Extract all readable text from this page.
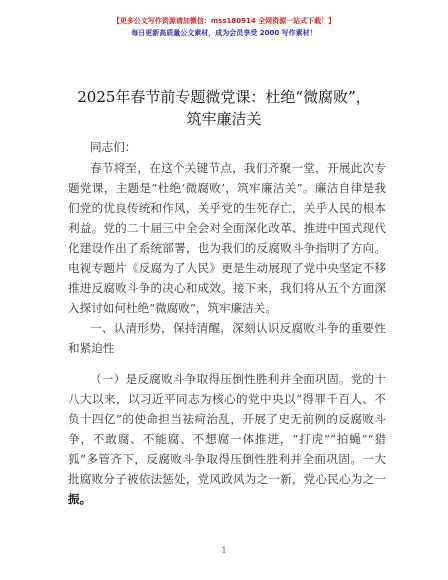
【更多公文写作资源请加微信：mss180914 全网资源一站式下载！】
每日更新高质量公文素材，成为会员享受 2000 写作素材！
2025年春节前专题微党课：杜绝“微腐败”，
筑牢廉洁关
同志们：
春节将至，在这个关键节点，我们齐聚一堂，开展此次专
题党课，主题是“杜绝‘微腐败’，筑牢廉洁关”。廉洁自律是我
们党的优良传统和作风，关乎党的生死存亡，关乎人民的根本
利益。党的二十届三中全会对全面深化改革、推进中国式现代
化建设作出了系统部署，也为我们的反腐败斗争指明了方向。
电视专题片《反腐为了人民》更是生动展现了党中央坚定不移
推进反腐败斗争的决心和成效。接下来，我们将从五个方面深
入探讨如何杜绝“微腐败”，筑牢廉洁关。
一、认清形势，保持清醒，深刻认识反腐败斗争的重要性
和紧迫性
（一）是反腐败斗争取得压倒性胜利并全面巩固。党的十
八大以来，以习近平同志为核心的党中央以“得罪千百人、不
负十四亿”的使命担当祛疴治乱，开展了史无前例的反腐败斗
争，不敢腐、不能腐、不想腐一体推进，“打虎”“拍蝇”“猎
狐”多管齐下，反腐败斗争取得压倒性胜利并全面巩固。一大
批腐败分子被依法惩处，党风政风为之一新，党心民心为之一
振。
1
